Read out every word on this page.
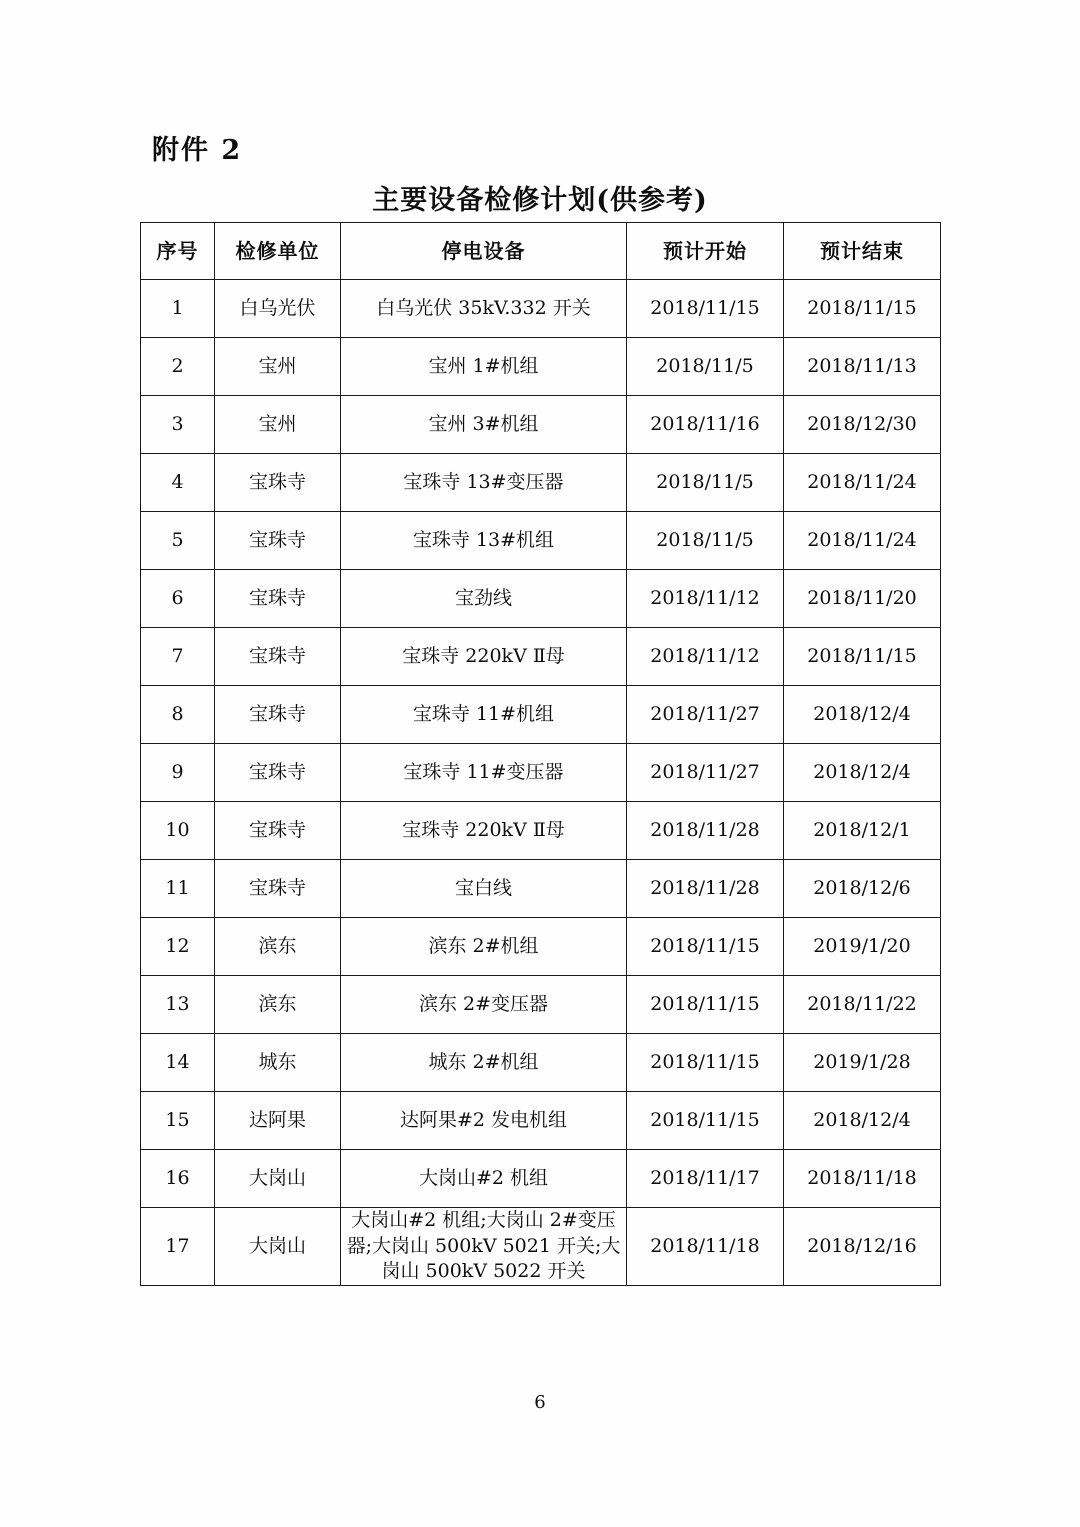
附件 2
主要设备检修计划(供参考)
序号	检修单位	停电设备	预计开始	预计结束
1	白乌光伏	白乌光伏 35kV.332 开关	2018/11/15	2018/11/15
2	宝州	宝州 1#机组	2018/11/5	2018/11/13
3	宝州	宝州 3#机组	2018/11/16	2018/12/30
4	宝珠寺	宝珠寺 13#变压器	2018/11/5	2018/11/24
5	宝珠寺	宝珠寺 13#机组	2018/11/5	2018/11/24
6	宝珠寺	宝劲线	2018/11/12	2018/11/20
7	宝珠寺	宝珠寺 220kV Ⅱ母	2018/11/12	2018/11/15
8	宝珠寺	宝珠寺 11#机组	2018/11/27	2018/12/4
9	宝珠寺	宝珠寺 11#变压器	2018/11/27	2018/12/4
10	宝珠寺	宝珠寺 220kV Ⅱ母	2018/11/28	2018/12/1
11	宝珠寺	宝白线	2018/11/28	2018/12/6
12	滨东	滨东 2#机组	2018/11/15	2019/1/20
13	滨东	滨东 2#变压器	2018/11/15	2018/11/22
14	城东	城东 2#机组	2018/11/15	2019/1/28
15	达阿果	达阿果#2 发电机组	2018/11/15	2018/12/4
16	大岗山	大岗山#2 机组	2018/11/17	2018/11/18
17	大岗山	大岗山#2 机组;大岗山 2#变压器;大岗山 500kV 5021 开关;大岗山 500kV 5022 开关	2018/11/18	2018/12/16
6
